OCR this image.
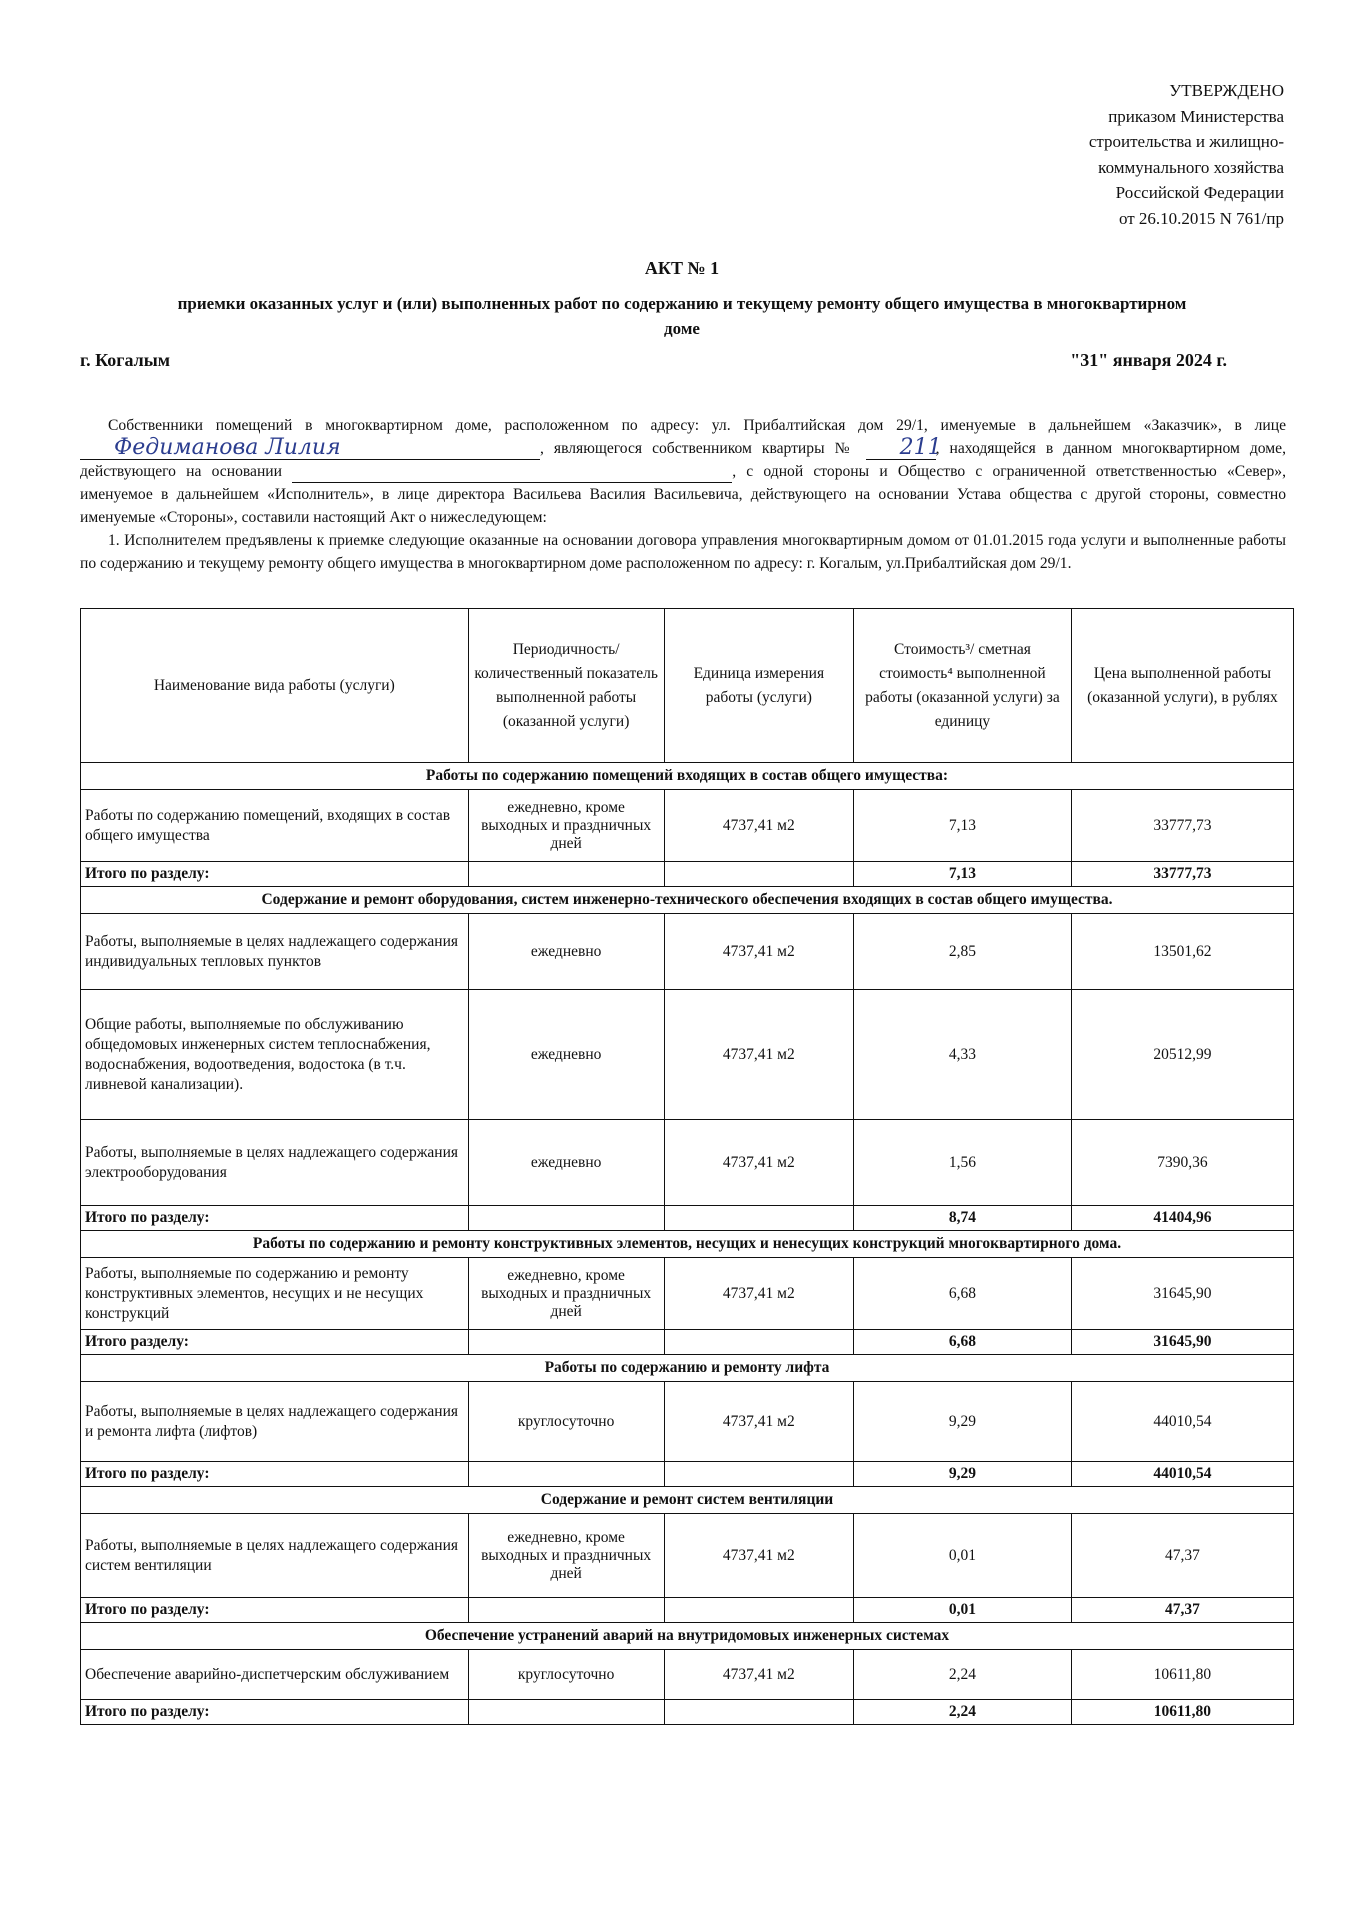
УТВЕРЖДЕНО
приказом Министерства
строительства и жилищно-
коммунального хозяйства
Российской Федерации
от 26.10.2015 N 761/пр
АКТ № 1
приемки оказанных услуг и (или) выполненных работ по содержанию и текущему ремонту общего имущества в многоквартирном доме
г. Когалым	"31" января 2024 г.

Собственники помещений в многоквартирном доме, расположенном по адресу: ул. Прибалтийская дом 29/1, именуемые в дальнейшем «Заказчик», в лице
Федиманова Лилия	, являющегося собственником квартиры №	211
, находящейся в данном многоквартирном доме, действующего на основании	, с одной стороны и Общество с ограниченной ответственностью «Север», именуемое в дальнейшем «Исполнитель», в лице директора Васильева Василия Васильевича, действующего на основании Устава общества с другой стороны, совместно именуемые «Стороны», составили настоящий Акт о нижеследующем:

1. Исполнителем предъявлены к приемке следующие оказанные на основании договора управления многоквартирным домом от 01.01.2015 года услуги и выполненные работы по содержанию и текущему ремонту общего имущества в многоквартирном доме расположенном по адресу: г. Когалым, ул.Прибалтийская дом 29/1.

Наименование вида работы (услуги)	Периодичность/ количественный показатель выполненной работы (оказанной услуги)	Единица измерения работы (услуги)	Стоимость³/ сметная стоимость⁴ выполненной работы (оказанной услуги) за единицу	Цена выполненной работы (оказанной услуги), в рублях
Работы по содержанию помещений входящих в состав общего имущества:				
Работы по содержанию помещений, входящих в состав общего имущества	ежедневно, кроме выходных и праздничных дней	4737,41 м2	7,13	33777,73
Итого по разделу:			7,13	33777,73
Содержание и ремонт оборудования, систем инженерно-технического обеспечения входящих в состав общего имущества.				
Работы, выполняемые в целях надлежащего содержания индивидуальных тепловых пунктов	ежедневно	4737,41 м2	2,85	13501,62
Общие работы, выполняемые по обслуживанию общедомовых инженерных систем теплоснабжения, водоснабжения, водоотведения, водостока (в т.ч. ливневой канализации).	ежедневно	4737,41 м2	4,33	20512,99
Работы, выполняемые в целях надлежащего содержания электрооборудования	ежедневно	4737,41 м2	1,56	7390,36
Итого по разделу:			8,74	41404,96
Работы по содержанию и ремонту конструктивных элементов, несущих и ненесущих конструкций многоквартирного дома.				
Работы, выполняемые по содержанию и ремонту конструктивных элементов, несущих и не несущих конструкций	ежедневно, кроме выходных и праздничных дней	4737,41 м2	6,68	31645,90
Итого разделу:			6,68	31645,90
Работы по содержанию и ремонту лифта				
Работы, выполняемые в целях надлежащего содержания и ремонта лифта (лифтов)	круглосуточно	4737,41 м2	9,29	44010,54
Итого по разделу:			9,29	44010,54
Содержание и ремонт систем вентиляции				
Работы, выполняемые в целях надлежащего содержания систем вентиляции	ежедневно, кроме выходных и праздничных дней	4737,41 м2	0,01	47,37
Итого по разделу:			0,01	47,37
Обеспечение устранений аварий на внутридомовых инженерных системах				
Обеспечение аварийно-диспетчерским обслуживанием	круглосуточно	4737,41 м2	2,24	10611,80
Итого по разделу:			2,24	10611,80
